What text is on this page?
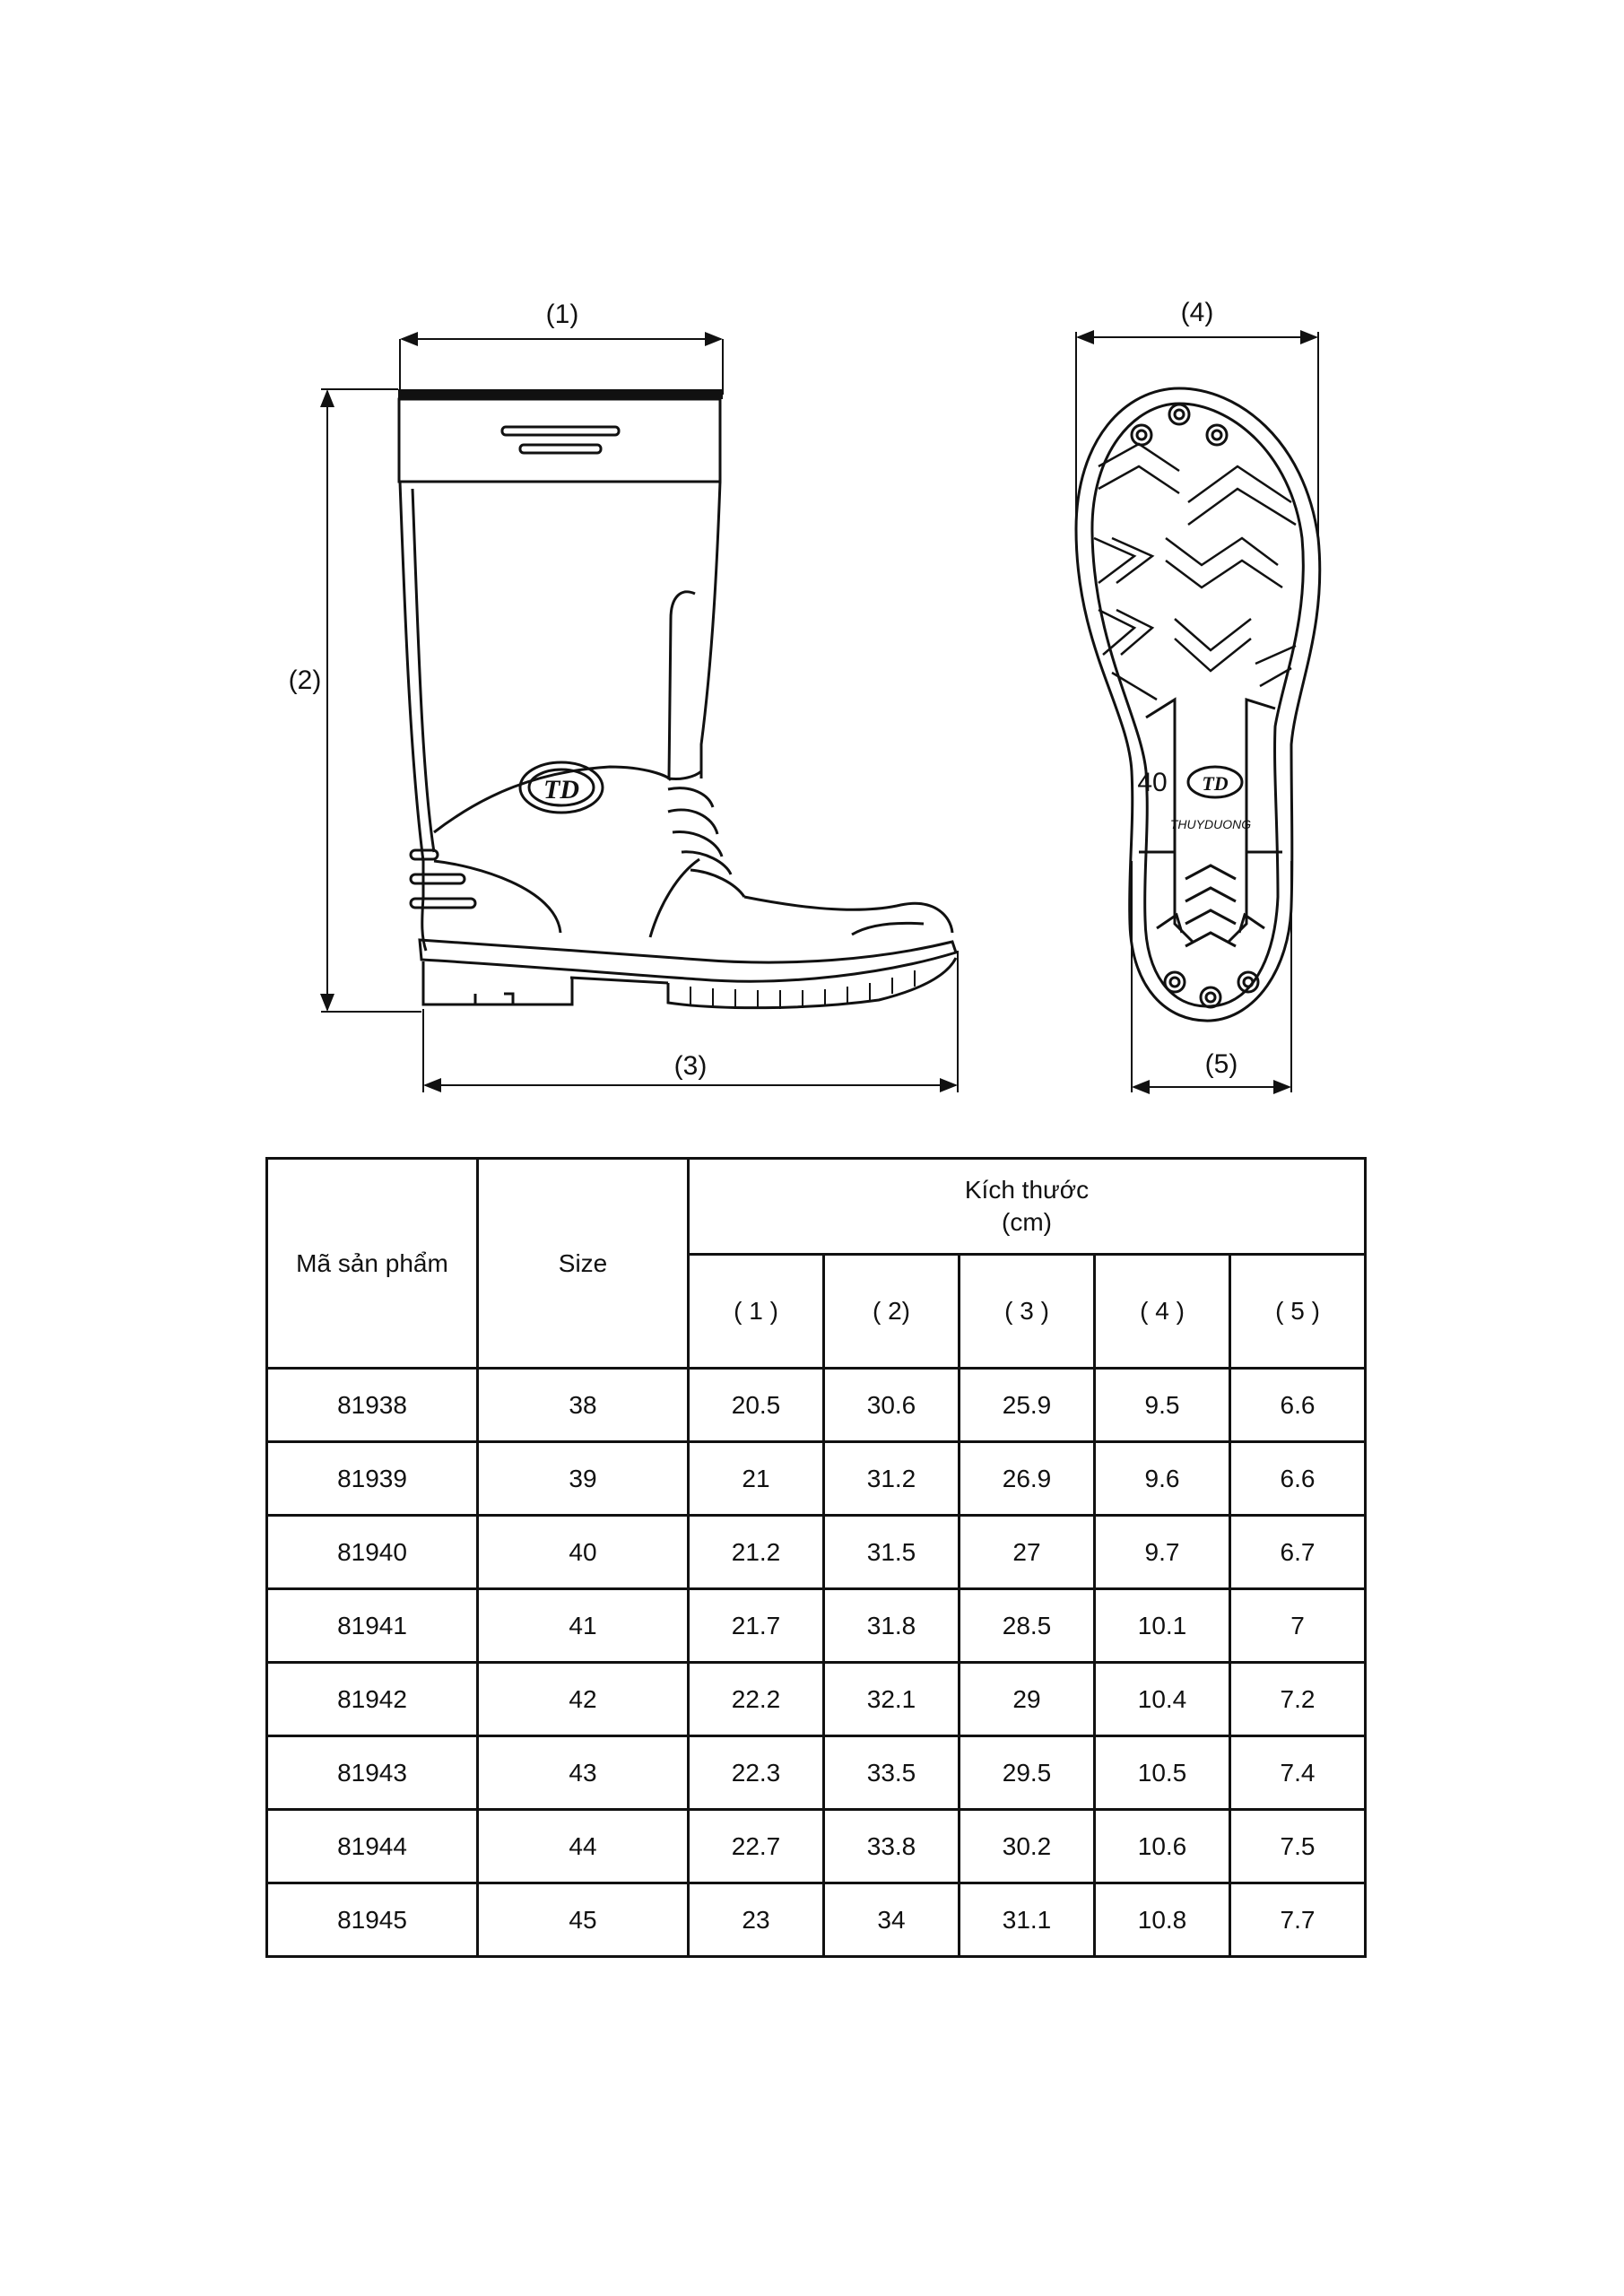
TD	40 TD
THUYDUONG
(1)
(2)
(3)
(4)
(5)
Mã sản phẩm	Size	Kích thước
(cm)				

		( 1 )	( 2)	( 3 )	( 4 )	( 5 )
81938	38	20.5	30.6	25.9	9.5	6.6
81939	39	21	31.2	26.9	9.6	6.6
81940	40	21.2	31.5	27	9.7	6.7
81941	41	21.7	31.8	28.5	10.1	7
81942	42	22.2	32.1	29	10.4	7.2
81943	43	22.3	33.5	29.5	10.5	7.4
81944	44	22.7	33.8	30.2	10.6	7.5
81945	45	23	34	31.1	10.8	7.7
